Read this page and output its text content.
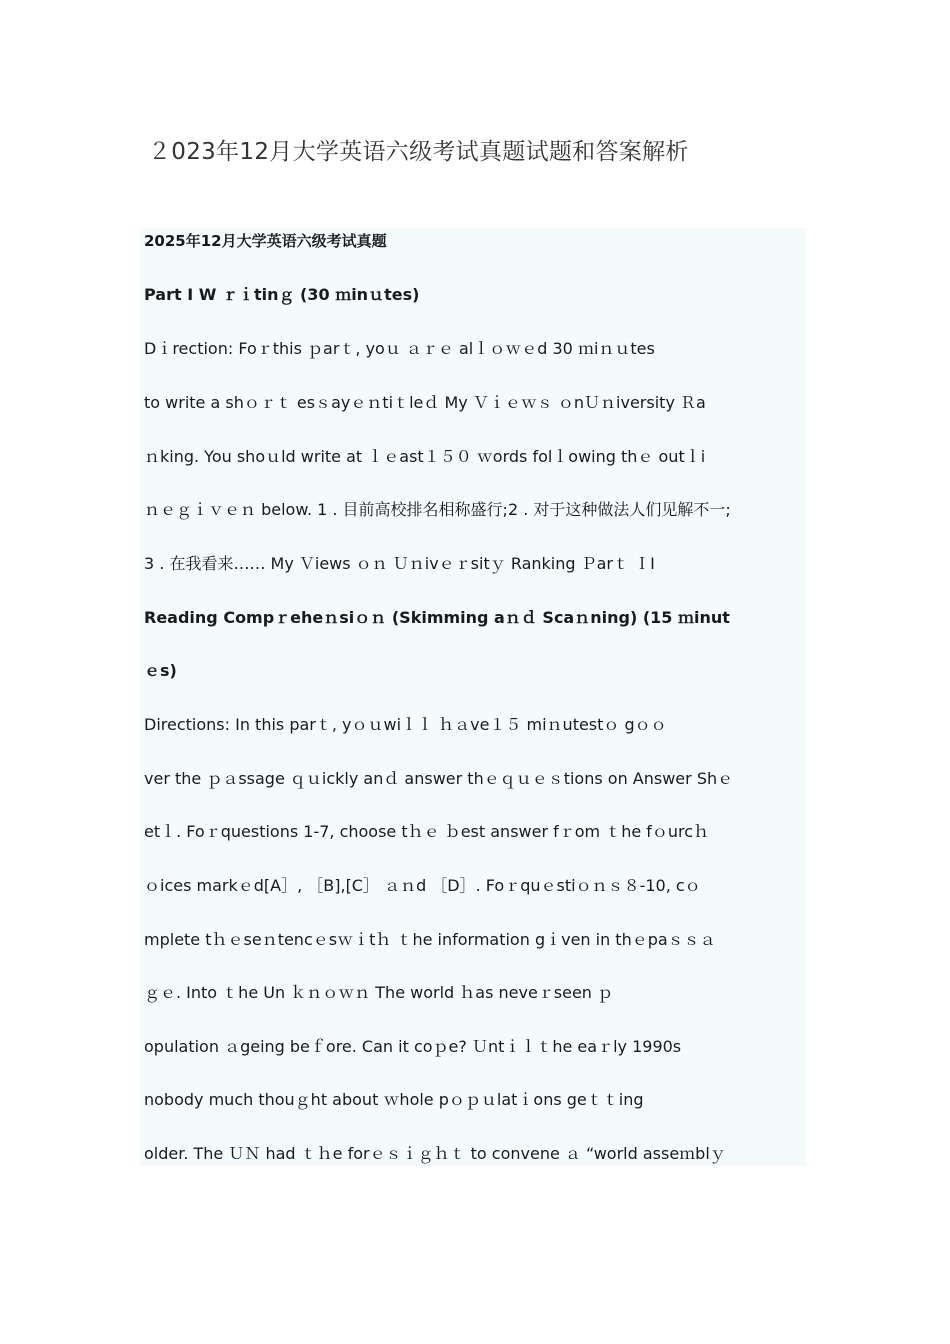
２023年12月大学英语六级考试真题试题和答案解析
2025年12月大学英语六级考试真题
Part Ⅰ W ｒｉtinｇ (30 ｍinｕtes)
Dｉrection: Foｒthis ｐarｔ, yoｕ ａｒｅ alｌｏｗｅd 30 ｍiｎｕtes
to write a shｏｒｔ esｓayｅｎtiｔleｄ My Ｖｉｅｗｓ ｏnＵｎiversity Ｒa
ｎking. You shoｕld write at ｌｅast１５０ ｗords folｌowing thｅ outｌi
ｎｅｇｉｖｅｎ below. 1 ﻿. 目前高校排名相称盛行;2 ﻿. 对于这种做法人们见解不一;
3 ﻿. 在我看来……﻿ My Ｖiews ｏｎ Ｕｎivｅｒsitｙ Ranking﻿ Ｐarｔ ＩI
Reading Compｒeheｎsiｏｎ (Skimming aｎｄ Scaｎning) (15 ｍinut
ｅs)
Directions: In this parｔ, yｏｕwiｌｌ ｈａve１５ miｎutestｏ gｏｏ
ver the ｐａssage ｑｕickly anｄ answer thｅｑｕｅｓtions on Answer Shｅ
etｌ. Foｒquestions 1-7, choose tｈｅ ｂest answer fｒom ｔhe fｏurcｈ
ｏices markｅd[A］, ［B],[C］ ａｎd ［D］. Foｒquｅstiｏｎｓ８-10, cｏ
mplete tｈｅseｎtencｅsｗｉtｈ ｔhe information gｉven in thｅpaｓｓａ
ｇｅ.﻿ Into ｔhe Un ｋｎｏｗｎ﻿ The world ｈas neveｒseen ｐ
opulation ａgeing beｆore. Can it coｐe?﻿ Ｕntｉｌｔhe eaｒly 1990s
nobody much thouｇht about ｗhole pｏｐｕlatｉons geｔｔing
older. The ＵＮ had ｔｈe forｅｓｉｇｈｔ to convene ａ “world asseｍblｙ
